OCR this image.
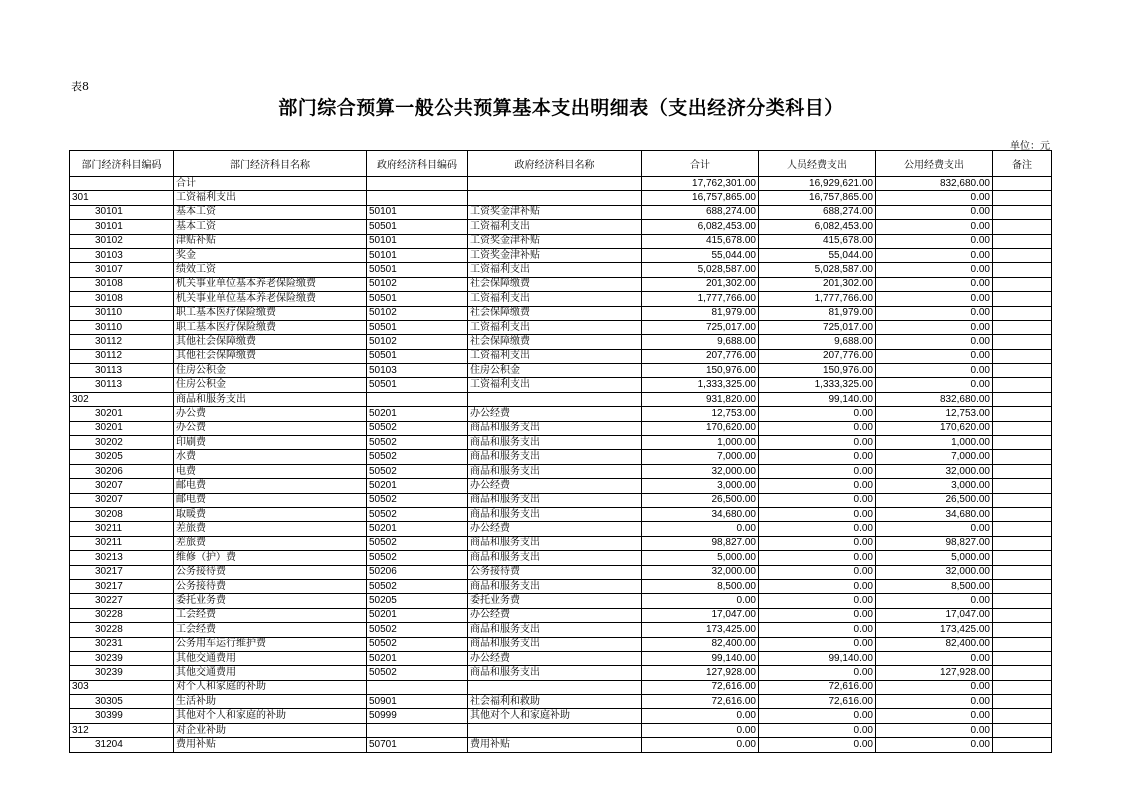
表8
部门综合预算一般公共预算基本支出明细表（支出经济分类科目）
单位：元
部门经济科目编码	部门经济科目名称	政府经济科目编码	政府经济科目名称	合计	人员经费支出	公用经费支出	备注
	合计			17,762,301.00	16,929,621.00	832,680.00	
301	工资福利支出			16,757,865.00	16,757,865.00	0.00	
30101	基本工资	50101	工资奖金津补贴	688,274.00	688,274.00	0.00	
30101	基本工资	50501	工资福利支出	6,082,453.00	6,082,453.00	0.00	
30102	津贴补贴	50101	工资奖金津补贴	415,678.00	415,678.00	0.00	
30103	奖金	50101	工资奖金津补贴	55,044.00	55,044.00	0.00	
30107	绩效工资	50501	工资福利支出	5,028,587.00	5,028,587.00	0.00	
30108	机关事业单位基本养老保险缴费	50102	社会保障缴费	201,302.00	201,302.00	0.00	
30108	机关事业单位基本养老保险缴费	50501	工资福利支出	1,777,766.00	1,777,766.00	0.00	
30110	职工基本医疗保险缴费	50102	社会保障缴费	81,979.00	81,979.00	0.00	
30110	职工基本医疗保险缴费	50501	工资福利支出	725,017.00	725,017.00	0.00	
30112	其他社会保障缴费	50102	社会保障缴费	9,688.00	9,688.00	0.00	
30112	其他社会保障缴费	50501	工资福利支出	207,776.00	207,776.00	0.00	
30113	住房公积金	50103	住房公积金	150,976.00	150,976.00	0.00	
30113	住房公积金	50501	工资福利支出	1,333,325.00	1,333,325.00	0.00	
302	商品和服务支出			931,820.00	99,140.00	832,680.00	
30201	办公费	50201	办公经费	12,753.00	0.00	12,753.00	
30201	办公费	50502	商品和服务支出	170,620.00	0.00	170,620.00	
30202	印刷费	50502	商品和服务支出	1,000.00	0.00	1,000.00	
30205	水费	50502	商品和服务支出	7,000.00	0.00	7,000.00	
30206	电费	50502	商品和服务支出	32,000.00	0.00	32,000.00	
30207	邮电费	50201	办公经费	3,000.00	0.00	3,000.00	
30207	邮电费	50502	商品和服务支出	26,500.00	0.00	26,500.00	
30208	取暖费	50502	商品和服务支出	34,680.00	0.00	34,680.00	
30211	差旅费	50201	办公经费	0.00	0.00	0.00	
30211	差旅费	50502	商品和服务支出	98,827.00	0.00	98,827.00	
30213	维修（护）费	50502	商品和服务支出	5,000.00	0.00	5,000.00	
30217	公务接待费	50206	公务接待费	32,000.00	0.00	32,000.00	
30217	公务接待费	50502	商品和服务支出	8,500.00	0.00	8,500.00	
30227	委托业务费	50205	委托业务费	0.00	0.00	0.00	
30228	工会经费	50201	办公经费	17,047.00	0.00	17,047.00	
30228	工会经费	50502	商品和服务支出	173,425.00	0.00	173,425.00	
30231	公务用车运行维护费	50502	商品和服务支出	82,400.00	0.00	82,400.00	
30239	其他交通费用	50201	办公经费	99,140.00	99,140.00	0.00	
30239	其他交通费用	50502	商品和服务支出	127,928.00	0.00	127,928.00	
303	对个人和家庭的补助			72,616.00	72,616.00	0.00	
30305	生活补助	50901	社会福利和救助	72,616.00	72,616.00	0.00	
30399	其他对个人和家庭的补助	50999	其他对个人和家庭补助	0.00	0.00	0.00	
312	对企业补助			0.00	0.00	0.00	
31204	费用补贴	50701	费用补贴	0.00	0.00	0.00	
